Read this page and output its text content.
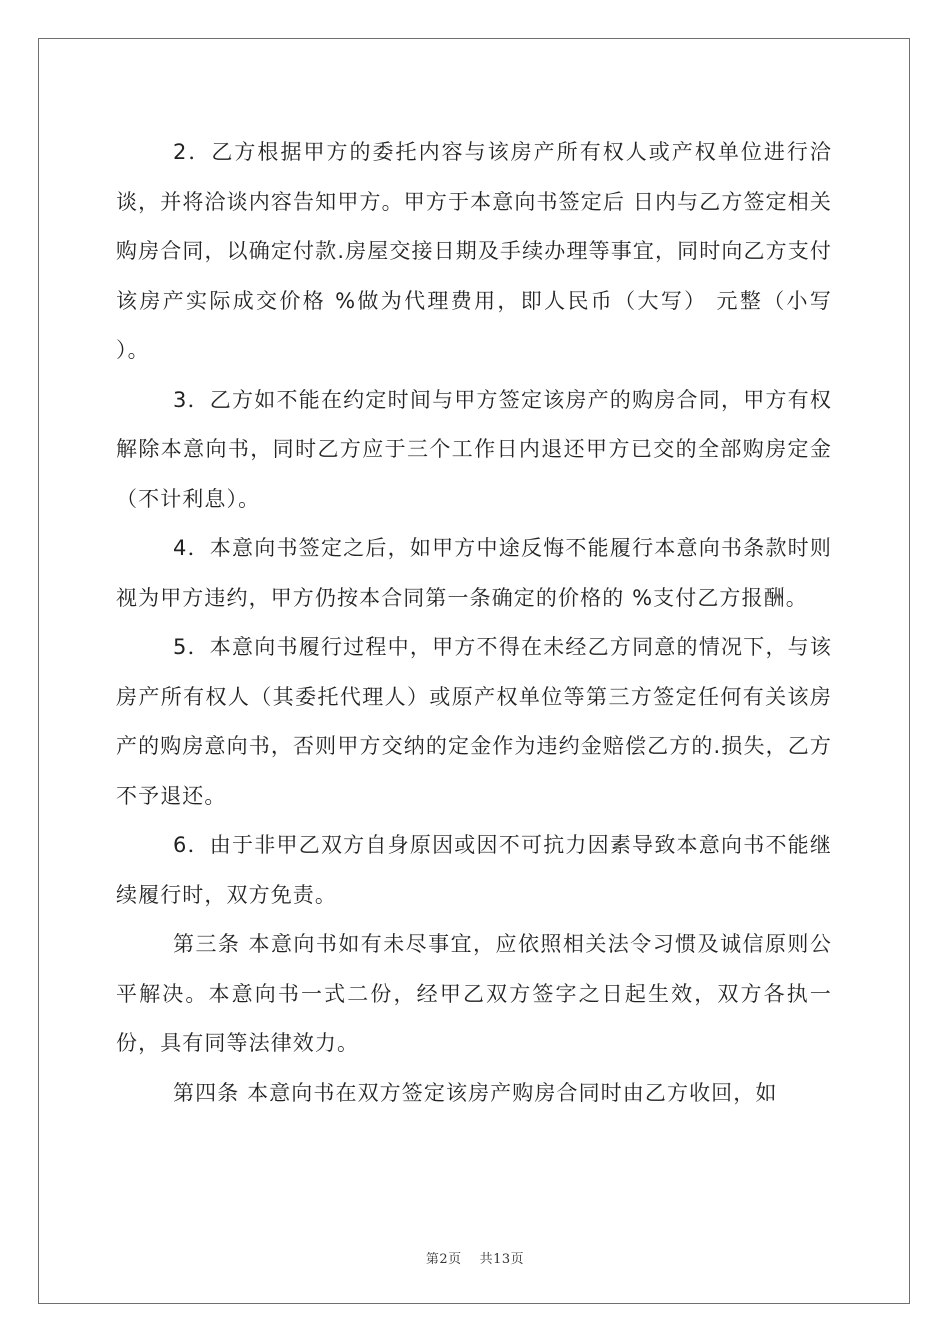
2．乙方根据甲方的委托内容与该房产所有权人或产权单位进行洽谈，并将洽谈内容告知甲方。甲方于本意向书签定后 日内与乙方签定相关购房合同，以确定付款.房屋交接日期及手续办理等事宜，同时向乙方支付该房产实际成交价格 %做为代理费用，即人民币（大写） 元整（小写 ）。

3．乙方如不能在约定时间与甲方签定该房产的购房合同，甲方有权解除本意向书，同时乙方应于三个工作日内退还甲方已交的全部购房定金（不计利息）。

4．本意向书签定之后，如甲方中途反悔不能履行本意向书条款时则视为甲方违约，甲方仍按本合同第一条确定的价格的 %支付乙方报酬。

5．本意向书履行过程中，甲方不得在未经乙方同意的情况下，与该房产所有权人（其委托代理人）或原产权单位等第三方签定任何有关该房产的购房意向书，否则甲方交纳的定金作为违约金赔偿乙方的.损失，乙方不予退还。

6．由于非甲乙双方自身原因或因不可抗力因素导致本意向书不能继续履行时，双方免责。

第三条 本意向书如有未尽事宜，应依照相关法令习惯及诚信原则公平解决。本意向书一式二份，经甲乙双方签字之日起生效，双方各执一份，具有同等法律效力。

第四条 本意向书在双方签定该房产购房合同时由乙方收回，如

第2页 共13页
